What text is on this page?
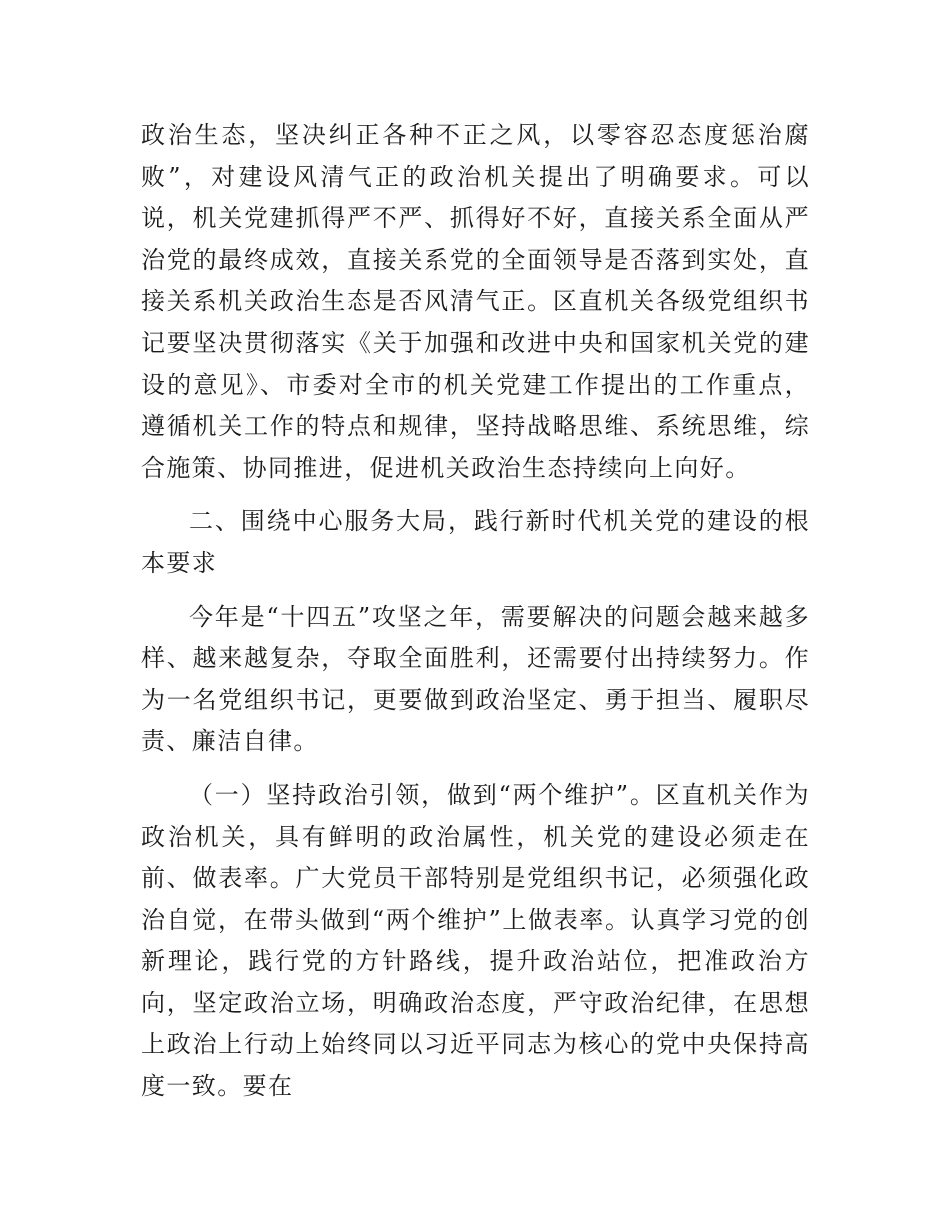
政治生态，坚决纠正各种不正之风，以零容忍态度惩治腐败”，对建设风清气正的政治机关提出了明确要求。可以说，机关党建抓得严不严、抓得好不好，直接关系全面从严治党的最终成效，直接关系党的全面领导是否落到实处，直接关系机关政治生态是否风清气正。区直机关各级党组织书记要坚决贯彻落实《关于加强和改进中央和国家机关党的建设的意见》、市委对全市的机关党建工作提出的工作重点，遵循机关工作的特点和规律，坚持战略思维、系统思维，综合施策、协同推进，促进机关政治生态持续向上向好。

二、围绕中心服务大局，践行新时代机关党的建设的根本要求

今年是“十四五”攻坚之年，需要解决的问题会越来越多样、越来越复杂，夺取全面胜利，还需要付出持续努力。作为一名党组织书记，更要做到政治坚定、勇于担当、履职尽责、廉洁自律。

（一）坚持政治引领，做到“两个维护”。区直机关作为政治机关，具有鲜明的政治属性，机关党的建设必须走在前、做表率。广大党员干部特别是党组织书记，必须强化政治自觉，在带头做到“两个维护”上做表率。认真学习党的创新理论，践行党的方针路线，提升政治站位，把准政治方向，坚定政治立场，明确政治态度，严守政治纪律，在思想上政治上行动上始终同以习近平同志为核心的党中央保持高度一致。要在
